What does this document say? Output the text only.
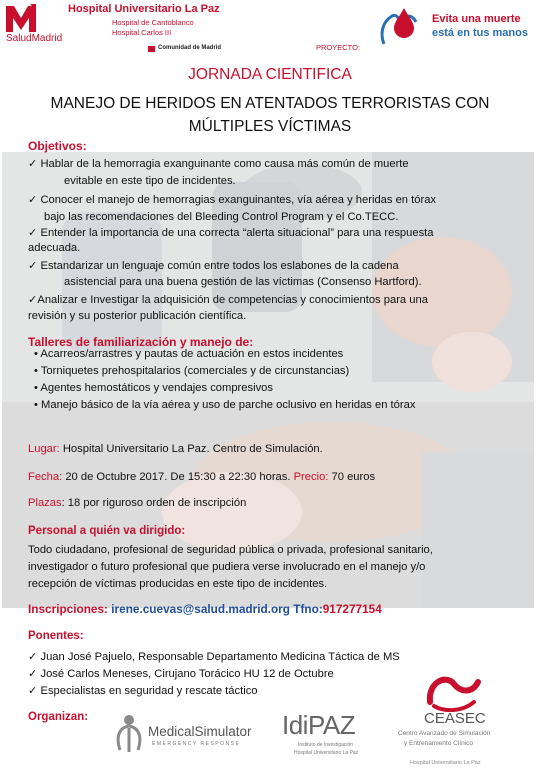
SaludMadrid
Hospital Universitario La Paz
Hospital de Cantoblanco
Hospital Carlos III
Comunidad de Madrid	PROYECTO:
Evita una muerte
está en tus manos
JORNADA CIENTIFICA
MANEJO DE HERIDOS EN ATENTADOS TERRORISTAS CON
MÚLTIPLES VÍCTIMAS
Objetivos:
✓ Hablar de la hemorragia exanguinante como causa más común de muerte
evitable en este tipo de incidentes.
✓ Conocer el manejo de hemorragias exanguinantes, vía aérea y heridas en tórax
bajo las recomendaciones del Bleeding Control Program y el Co.TECC.
✓ Entender la importancia de una correcta “alerta situacional” para una respuesta
adecuada.
✓ Estandarizar un lenguaje común entre todos los eslabones de la cadena
asistencial para una buena gestión de las víctimas (Consenso Hartford).
✓Analizar e Investigar la adquisición de competencias y conocimientos para una
revisión y su posterior publicación científica.
Talleres de familiarización y manejo de:
• Acarreos/arrastres y pautas de actuación en estos incidentes
• Torniquetes prehospitalarios (comerciales y de circunstancias)
• Agentes hemostáticos y vendajes compresivos
• Manejo básico de la vía aérea y uso de parche oclusivo en heridas en tórax
Lugar: Hospital Universitario La Paz. Centro de Simulación.
Fecha: 20 de Octubre 2017. De 15:30 a 22:30 horas. Precio: 70 euros
Plazas: 18 por riguroso orden de inscripción
Personal a quién va dirigido:
Todo ciudadano, profesional de seguridad pública o privada, profesional sanitario,
investigador o futuro profesional que pudiera verse involucrado en el manejo y/o
recepción de víctimas producidas en este tipo de incidentes.
Inscripciones: irene.cuevas@salud.madrid.org Tfno:917277154
Ponentes:
✓ Juan José Pajuelo, Responsable Departamento Medicina Táctica de MS
✓ José Carlos Meneses, Cirujano Torácico HU 12 de Octubre
✓ Especialistas en seguridad y rescate táctico
Organizan:
MedicalSimulator
EMERGENCY RESPONSE
IdiPAZ
Instituto de Investigación
Hospital Universitario La Paz
CEASEC
Centro Avanzado de Simulación
y Entrenamiento Clínico
Hospital Universitario La Paz
